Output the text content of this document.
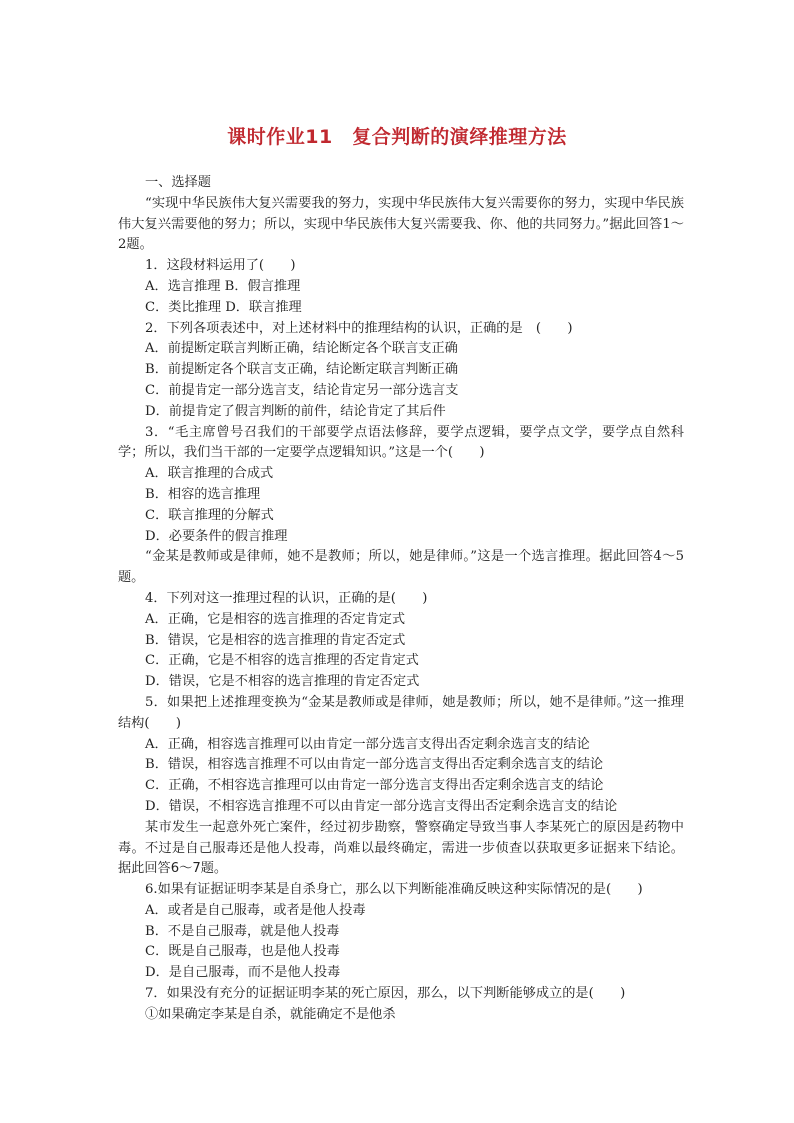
课时作业11　复合判断的演绎推理方法

一、选择题

“实现中华民族伟大复兴需要我的努力，实现中华民族伟大复兴需要你的努力，实现中华民族伟大复兴需要他的努力；所以，实现中华民族伟大复兴需要我、你、他的共同努力。”据此回答1～2题。

1．这段材料运用了(　　)

A．选言推理 B．假言推理

C．类比推理 D．联言推理

2．下列各项表述中，对上述材料中的推理结构的认识，正确的是　(　　)

A．前提断定联言判断正确，结论断定各个联言支正确

B．前提断定各个联言支正确，结论断定联言判断正确

C．前提肯定一部分选言支，结论肯定另一部分选言支

D．前提肯定了假言判断的前件，结论肯定了其后件

3．“毛主席曾号召我们的干部要学点语法修辞，要学点逻辑，要学点文学，要学点自然科学；所以，我们当干部的一定要学点逻辑知识。”这是一个(　　)

A．联言推理的合成式

B．相容的选言推理

C．联言推理的分解式

D．必要条件的假言推理

“金某是教师或是律师，她不是教师；所以，她是律师。”这是一个选言推理。据此回答4～5题。

4．下列对这一推理过程的认识，正确的是(　　)

A．正确，它是相容的选言推理的否定肯定式

B．错误，它是相容的选言推理的肯定否定式

C．正确，它是不相容的选言推理的否定肯定式

D．错误，它是不相容的选言推理的肯定否定式

5．如果把上述推理变换为“金某是教师或是律师，她是教师；所以，她不是律师。”这一推理结构(　　)

A．正确，相容选言推理可以由肯定一部分选言支得出否定剩余选言支的结论

B．错误，相容选言推理不可以由肯定一部分选言支得出否定剩余选言支的结论

C．正确，不相容选言推理可以由肯定一部分选言支得出否定剩余选言支的结论

D．错误，不相容选言推理不可以由肯定一部分选言支得出否定剩余选言支的结论

某市发生一起意外死亡案件，经过初步勘察，警察确定导致当事人李某死亡的原因是药物中毒。不过是自己服毒还是他人投毒，尚难以最终确定，需进一步侦查以获取更多证据来下结论。据此回答6～7题。

6.如果有证据证明李某是自杀身亡，那么以下判断能准确反映这种实际情况的是(　　)

A．或者是自己服毒，或者是他人投毒

B．不是自己服毒，就是他人投毒

C．既是自己服毒，也是他人投毒

D．是自己服毒，而不是他人投毒

7．如果没有充分的证据证明李某的死亡原因，那么，以下判断能够成立的是(　　)

①如果确定李某是自杀，就能确定不是他杀
